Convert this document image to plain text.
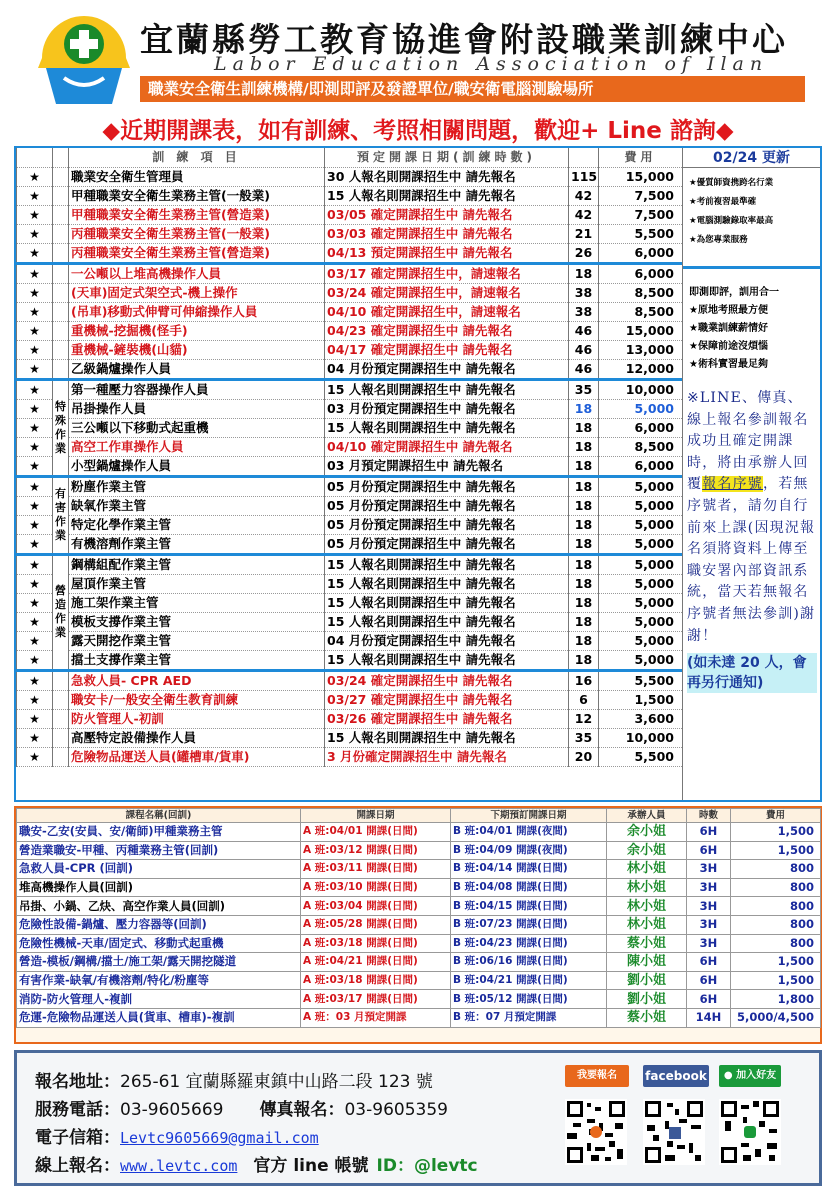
宜蘭縣勞工教育協進會附設職業訓練中心
Labor Education Association of Ilan
職業安全衛生訓練機構/即測即評及發證單位/職安衛電腦測驗場所
◆近期開課表，如有訓練、考照相關問題，歡迎+ Line 諮詢◆
		訓 練 項 目	預定開課日期(訓練時數)		費用
★		職業安全衛生管理員	30 人報名則開課招生中 請先報名	115	15,000
★		甲種職業安全衛生業務主管(一般業)	15 人報名則開課招生中 請先報名	42	7,500
★		甲種職業安全衛生業務主管(營造業)	03/05 確定開課招生中 請先報名	42	7,500
★		丙種職業安全衛生業務主管(一般業)	03/03 確定開課招生中 請先報名	21	5,500
★		丙種職業安全衛生業務主管(營造業)	04/13 預定開課招生中 請先報名	26	6,000
★		一公噸以上堆高機操作人員	03/17 確定開課招生中，請速報名	18	6,000
★		(天車)固定式架空式-機上操作	03/24 確定開課招生中，請速報名	38	8,500
★		(吊車)移動式伸臂可伸縮操作人員	04/10 確定開課招生中，請速報名	38	8,500
★		重機械-挖掘機(怪手)	04/23 確定開課招生中 請先報名	46	15,000
★		重機械-鏟裝機(山貓)	04/17 確定開課招生中 請先報名	46	13,000
★		乙級鍋爐操作人員	04 月份預定開課招生中 請先報名	46	12,000
★	特殊作業	第一種壓力容器操作人員	15 人報名則開課招生中 請先報名	35	10,000
★		吊掛操作人員	03 月份預定開課招生中 請先報名	18	5,000
★		三公噸以下移動式起重機	15 人報名則開課招生中 請先報名	18	6,000
★		高空工作車操作人員	04/10 確定開課招生中 請先報名	18	8,500
★		小型鍋爐操作人員	03 月預定開課招生中 請先報名	18	6,000
★	有害作業	粉塵作業主管	05 月份預定開課招生中 請先報名	18	5,000
★		缺氧作業主管	05 月份預定開課招生中 請先報名	18	5,000
★		特定化學作業主管	05 月份預定開課招生中 請先報名	18	5,000
★		有機溶劑作業主管	05 月份預定開課招生中 請先報名	18	5,000
★	營造作業	鋼構組配作業主管	15 人報名則開課招生中 請先報名	18	5,000
★		屋頂作業主管	15 人報名則開課招生中 請先報名	18	5,000
★		施工架作業主管	15 人報名則開課招生中 請先報名	18	5,000
★		模板支撐作業主管	15 人報名則開課招生中 請先報名	18	5,000
★		露天開挖作業主管	04 月份預定開課招生中 請先報名	18	5,000
★		擋土支撐作業主管	15 人報名則開課招生中 請先報名	18	5,000
★		急救人員- CPR AED	03/24 確定開課招生中 請先報名	16	5,500
★		職安卡/一般安全衛生教育訓練	03/27 確定開課招生中 請先報名	6	1,500
★		防火管理人-初訓	03/26 確定開課招生中 請先報名	12	3,600
★		高壓特定設備操作人員	15 人報名則開課招生中 請先報名	35	10,000
★		危險物品運送人員(罐槽車/貨車)	3 月份確定開課招生中 請先報名	20	5,500
02/24 更新
★優質師資携跨名行業
★考前複習最準確
★電腦測驗錄取率最高
★為您專業服務
即測即評，訓用合一
★原地考照最方便
★職業訓練薪情好
★保障前途沒煩惱
★術科實習最足夠
※LINE、傳真、線上報名參訓報名成功且確定開課時，將由承辦人回覆報名序號，若無序號者，請勿自行前來上課(因現況報名須將資料上傳至職安署內部資訊系統，當天若無報名序號者無法參訓)謝謝！
(如未達 20 人，會再另行通知)
課程名稱(回訓)	開課日期	下期預訂開課日期	承辦人員	時數	費用
職安-乙安(安員、安/衛師)甲種業務主管	A 班:04/01 開課(日間)	B 班:04/01 開課(夜間)	余小姐	6H	1,500
營造業職安-甲種、丙種業務主管(回訓)	A 班:03/12 開課(日間)	B 班:04/09 開課(夜間)	余小姐	6H	1,500
急救人員-CPR (回訓)	A 班:03/11 開課(日間)	B 班:04/14 開課(日間)	林小姐	3H	800
堆高機操作人員(回訓)	A 班:03/10 開課(日間)	B 班:04/08 開課(日間)	林小姐	3H	800
吊掛、小鍋、乙炔、高空作業人員(回訓)	A 班:03/04 開課(日間)	B 班:04/15 開課(日間)	林小姐	3H	800
危險性設備-鍋爐、壓力容器等(回訓)	A 班:05/28 開課(日間)	B 班:07/23 開課(日間)	林小姐	3H	800
危險性機械-天車/固定式、移動式起重機	A 班:03/18 開課(日間)	B 班:04/23 開課(日間)	蔡小姐	3H	800
營造-模板/鋼構/擋土/施工架/露天開挖隧道	A 班:04/21 開課(日間)	B 班:06/16 開課(日間)	陳小姐	6H	1,500
有害作業-缺氧/有機溶劑/特化/粉塵等	A 班:03/18 開課(日間)	B 班:04/21 開課(日間)	劉小姐	6H	1,500
消防-防火管理人-複訓	A 班:03/17 開課(日間)	B 班:05/12 開課(日間)	劉小姐	6H	1,800
危運-危險物品運送人員(貨車、槽車)-複訓	A 班：03 月預定開課	B 班：07 月預定開課	蔡小姐	14H	5,000/4,500
報名地址：265-61 宜蘭縣羅東鎮中山路二段 123 號
服務電話：03-9605669 傳真報名：03-9605359
電子信箱：Levtc9605669@gmail.com
線上報名：www.levtc.com 官方 line 帳號 ID：@levtc
我要報名	facebook	● 加入好友
